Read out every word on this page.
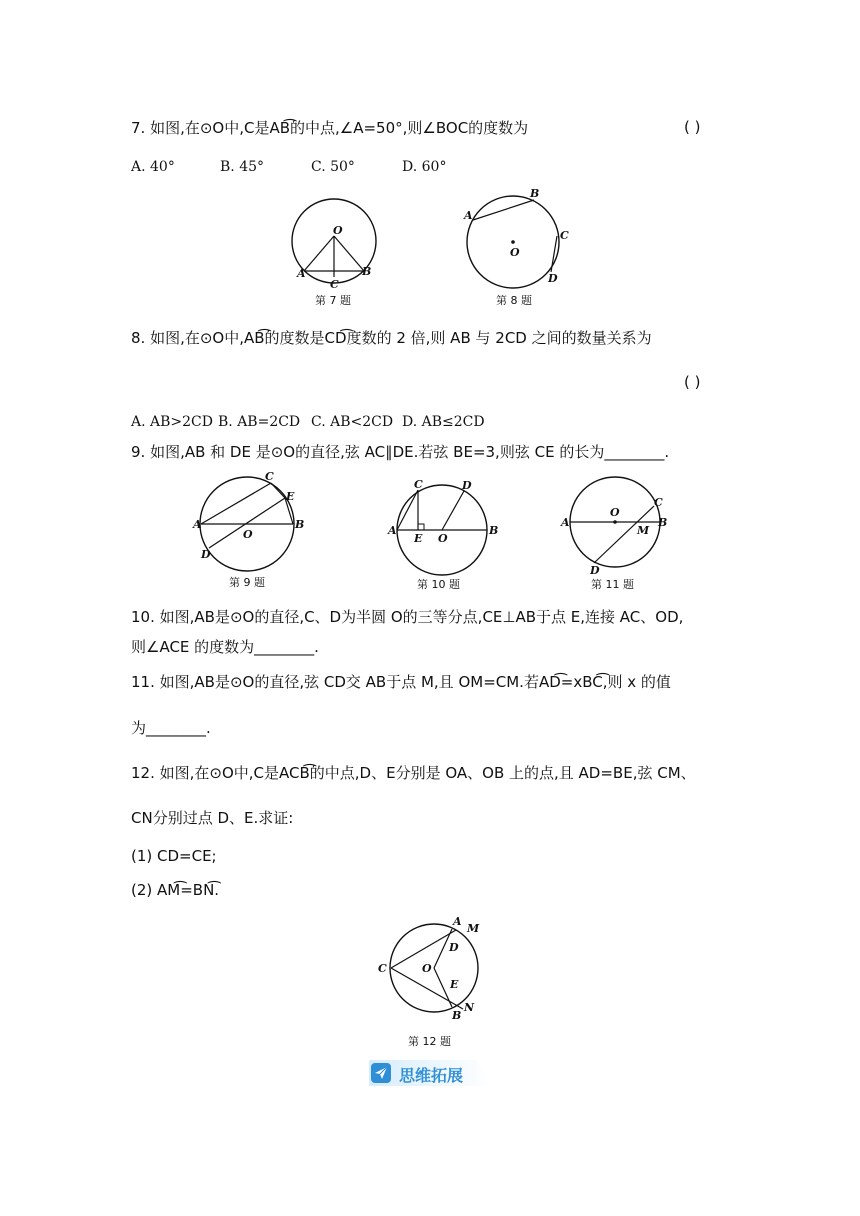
7. 如图,在⊙O中,C是AB͡的中点,∠A=50°,则∠BOC的度数为	( )
A. 40°	B. 45°	C. 50°	D. 60°
O
A	B
C
第 7 题
A
B
C
D
O
第 8 题
8. 如图,在⊙O中,AB͡的度数是CD͡度数的 2 倍,则 AB 与 2CD 之间的数量关系为
( )
A. AB>2CD B. AB=2CD C. AB<2CD D. AB≤2CD
9. 如图,AB 和 DE 是⊙O的直径,弦 AC∥DE.若弦 BE=3,则弦 CE 的长为________.
C
E
A	B
O
D
第 9 题
C	D
A
E O
B
第 10 题
A
O
C
B
M
D
第 11 题
10. 如图,AB是⊙O的直径,C、D为半圆 O的三等分点,CE⊥AB于点 E,连接 AC、OD,
则∠ACE 的度数为________.
11. 如图,AB是⊙O的直径,弦 CD交 AB于点 M,且 OM=CM.若AD͡=xBC͡,则 x 的值
为________.
12. 如图,在⊙O中,C是ACB͡的中点,D、E分别是 OA、OB 上的点,且 AD=BE,弦 CM、
CN分别过点 D、E.求证:
(1) CD=CE;
(2) AM͡=BN͡.
A
M
D
C	O
E
B
N
第 12 题
思维拓展
